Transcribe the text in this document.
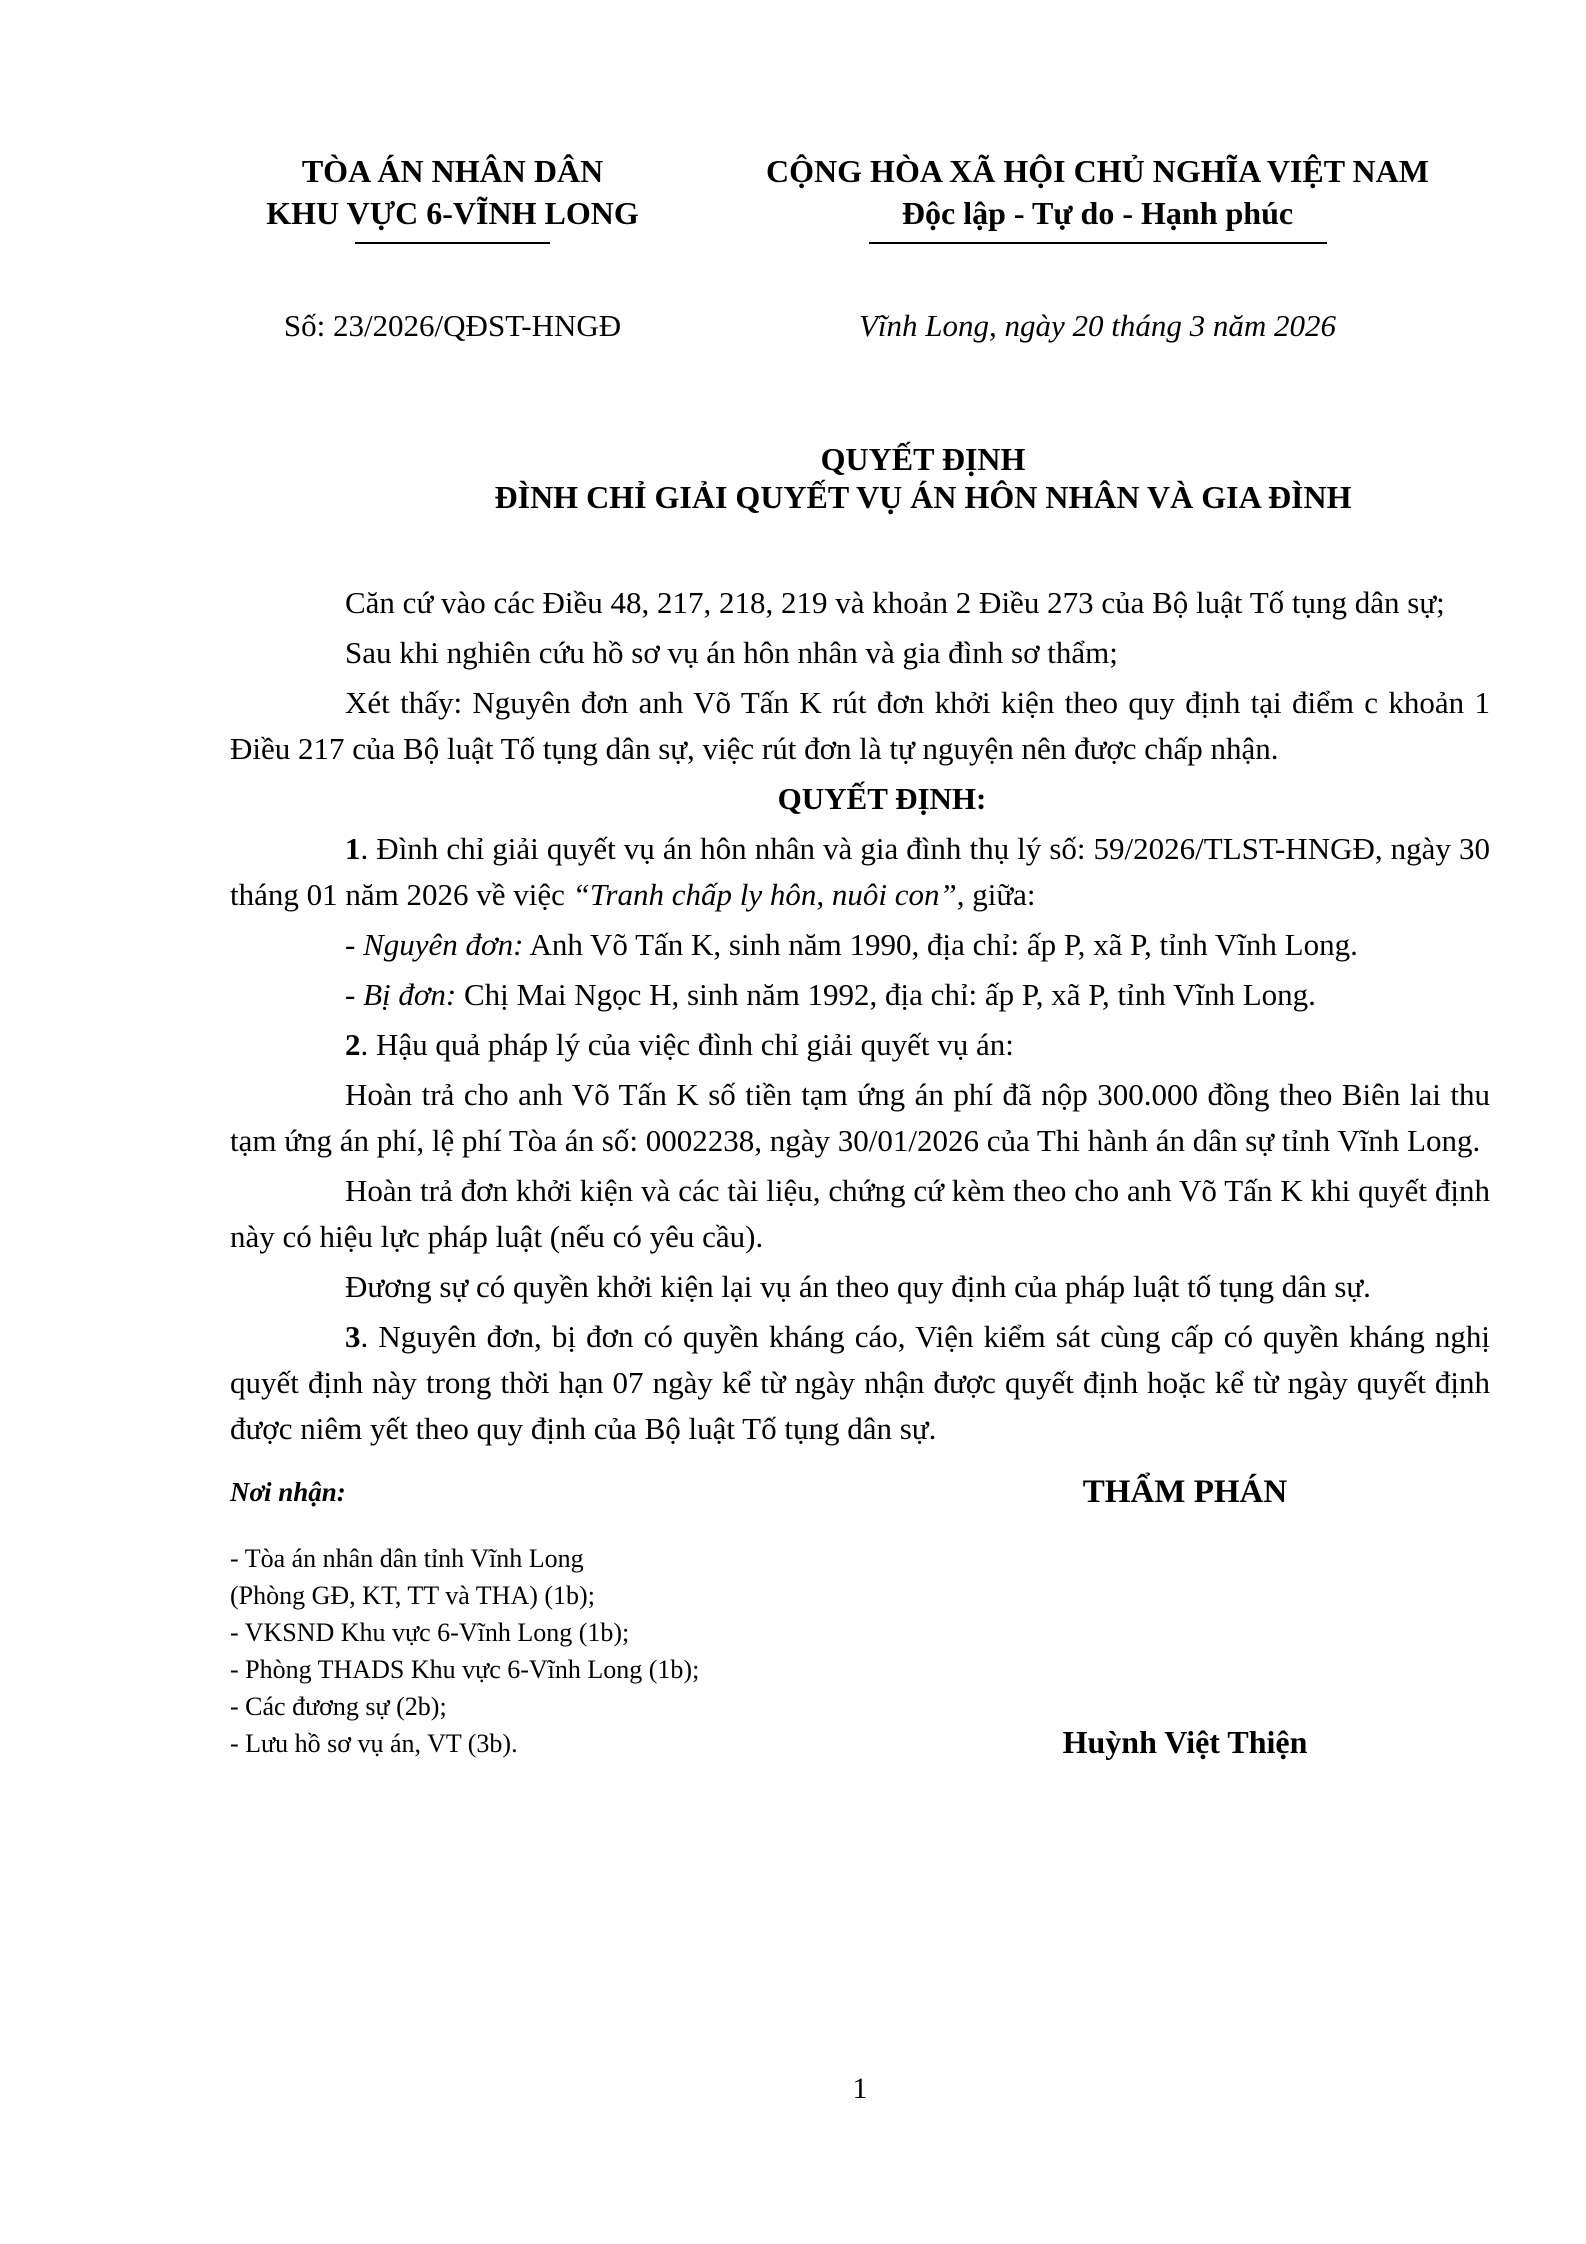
TÒA ÁN NHÂN DÂN
KHU VỰC 6-VĨNH LONG
Số: 23/2026/QĐST-HNGĐ
CỘNG HÒA XÃ HỘI CHỦ NGHĨA VIỆT NAM
Độc lập - Tự do - Hạnh phúc
Vĩnh Long, ngày 20 tháng 3 năm 2026
QUYẾT ĐỊNH
ĐÌNH CHỈ GIẢI QUYẾT VỤ ÁN HÔN NHÂN VÀ GIA ĐÌNH

Căn cứ vào các Điều 48, 217, 218, 219 và khoản 2 Điều 273 của Bộ luật Tố tụng dân sự;

Sau khi nghiên cứu hồ sơ vụ án hôn nhân và gia đình sơ thẩm;

Xét thấy: Nguyên đơn anh Võ Tấn K rút đơn khởi kiện theo quy định tại điểm c khoản 1 Điều 217 của Bộ luật Tố tụng dân sự, việc rút đơn là tự nguyện nên được chấp nhận.

QUYẾT ĐỊNH:

1. Đình chỉ giải quyết vụ án hôn nhân và gia đình thụ lý số: 59/2026/TLST-HNGĐ, ngày 30 tháng 01 năm 2026 về việc “Tranh chấp ly hôn, nuôi con”, giữa:

- Nguyên đơn: Anh Võ Tấn K, sinh năm 1990, địa chỉ: ấp P, xã P, tỉnh Vĩnh Long.

- Bị đơn: Chị Mai Ngọc H, sinh năm 1992, địa chỉ: ấp P, xã P, tỉnh Vĩnh Long.

2. Hậu quả pháp lý của việc đình chỉ giải quyết vụ án:

Hoàn trả cho anh Võ Tấn K số tiền tạm ứng án phí đã nộp 300.000 đồng theo Biên lai thu tạm ứng án phí, lệ phí Tòa án số: 0002238, ngày 30/01/2026 của Thi hành án dân sự tỉnh Vĩnh Long.

Hoàn trả đơn khởi kiện và các tài liệu, chứng cứ kèm theo cho anh Võ Tấn K khi quyết định này có hiệu lực pháp luật (nếu có yêu cầu).

Đương sự có quyền khởi kiện lại vụ án theo quy định của pháp luật tố tụng dân sự.

3. Nguyên đơn, bị đơn có quyền kháng cáo, Viện kiểm sát cùng cấp có quyền kháng nghị quyết định này trong thời hạn 07 ngày kể từ ngày nhận được quyết định hoặc kể từ ngày quyết định được niêm yết theo quy định của Bộ luật Tố tụng dân sự.

Nơi nhận:
- Tòa án nhân dân tỉnh Vĩnh Long
(Phòng GĐ, KT, TT và THA) (1b);
- VKSND Khu vực 6-Vĩnh Long (1b);
- Phòng THADS Khu vực 6-Vĩnh Long (1b);
- Các đương sự (2b);
- Lưu hồ sơ vụ án, VT (3b).
THẨM PHÁN
Huỳnh Việt Thiện
1
